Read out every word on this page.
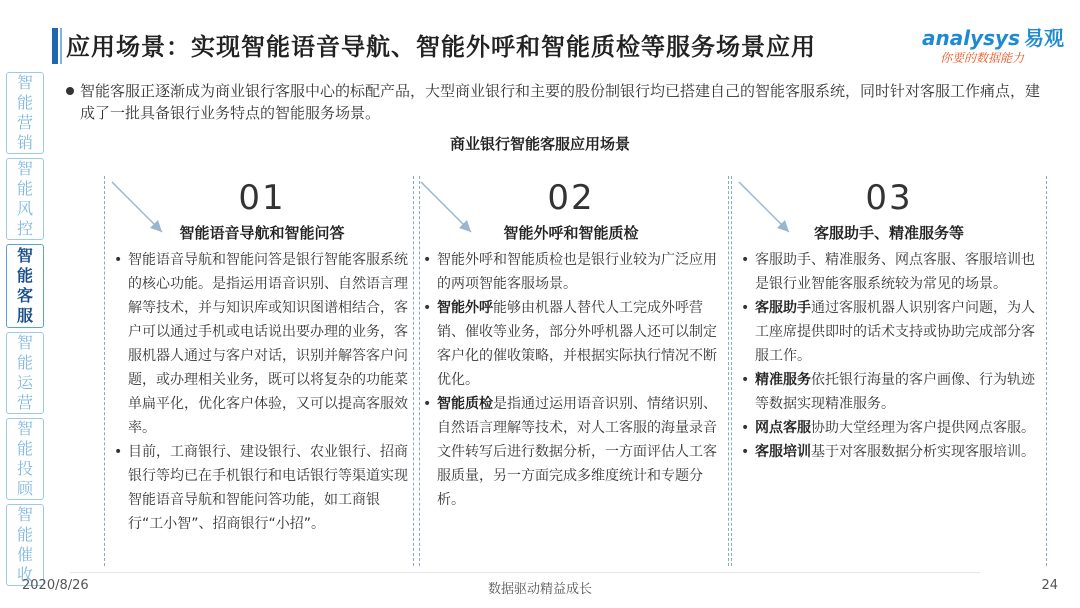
应用场景：实现智能语音导航、智能外呼和智能质检等服务场景应用	analysys 易观
你要的数据能力
智
能
营
销
智
能
风
控
智
能
客
服
智
能
运
营
智
能
投
顾
智
能
催
收
智能客服正逐渐成为商业银行客服中心的标配产品，大型商业银行和主要的股份制银行均已搭建自己的智能客服系统，同时针对客服工作痛点，建成了一批具备银行业务特点的智能服务场景。
商业银行智能客服应用场景
01
智能语音导航和智能问答

• 智能语音导航和智能问答是银行智能客服系统的核心功能。是指运用语音识别、自然语言理解等技术，并与知识库或知识图谱相结合，客户可以通过手机或电话说出要办理的业务，客服机器人通过与客户对话，识别并解答客户问题，或办理相关业务，既可以将复杂的功能菜单扁平化，优化客户体验，又可以提高客服效率。

• 目前，工商银行、建设银行、农业银行、招商银行等均已在手机银行和电话银行等渠道实现智能语音导航和智能问答功能，如工商银行“工小智”、招商银行“小招”。

02
智能外呼和智能质检

• 智能外呼和智能质检也是银行业较为广泛应用的两项智能客服场景。

• 智能外呼能够由机器人替代人工完成外呼营销、催收等业务，部分外呼机器人还可以制定客户化的催收策略，并根据实际执行情况不断优化。

• 智能质检是指通过运用语音识别、情绪识别、自然语言理解等技术，对人工客服的海量录音文件转写后进行数据分析，一方面评估人工客服质量，另一方面完成多维度统计和专题分析。

03
客服助手、精准服务等

• 客服助手、精准服务、网点客服、客服培训也是银行业智能客服系统较为常见的场景。

• 客服助手通过客服机器人识别客户问题，为人工座席提供即时的话术支持或协助完成部分客服工作。

• 精准服务依托银行海量的客户画像、行为轨迹等数据实现精准服务。

• 网点客服协助大堂经理为客户提供网点客服。

• 客服培训基于对客服数据分析实现客服培训。

2020/8/26	数据驱动精益成长	24
